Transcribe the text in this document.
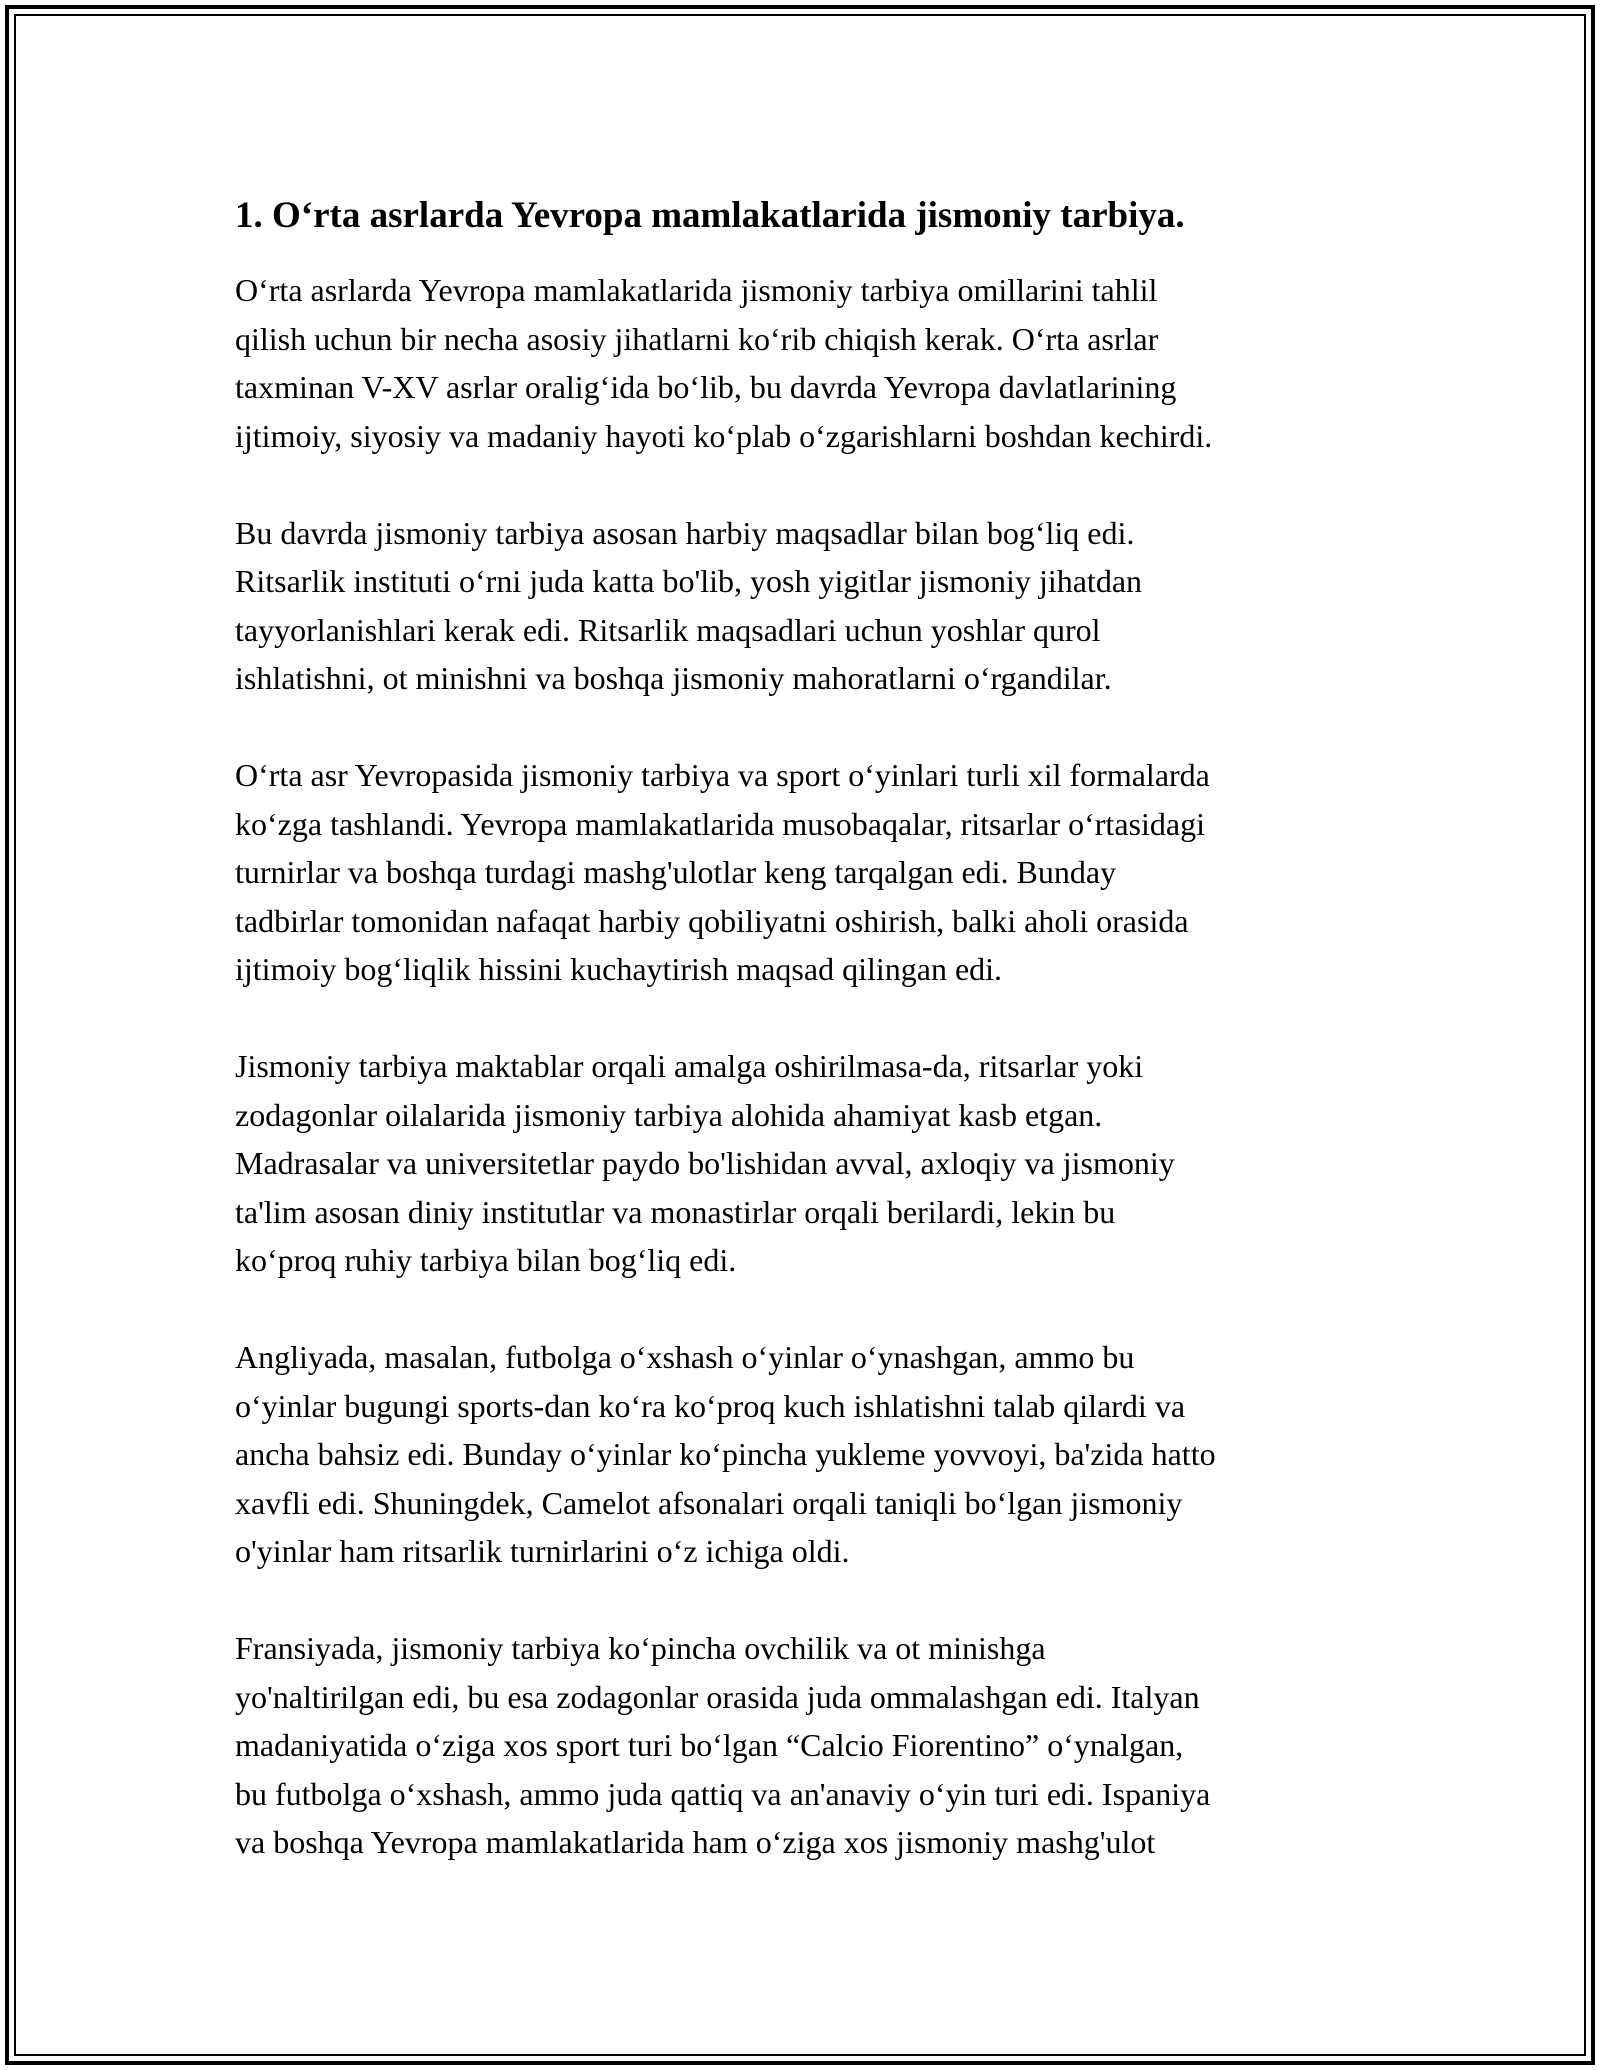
1. O‘rta asrlarda Yevropa mamlakatlarida jismoniy tarbiya.

O‘rta asrlarda Yevropa mamlakatlarida jismoniy tarbiya omillarini tahlil
qilish uchun bir necha asosiy jihatlarni ko‘rib chiqish kerak. O‘rta asrlar
taxminan V-XV asrlar oralig‘ida bo‘lib, bu davrda Yevropa davlatlarining
ijtimoiy, siyosiy va madaniy hayoti ko‘plab o‘zgarishlarni boshdan kechirdi.

Bu davrda jismoniy tarbiya asosan harbiy maqsadlar bilan bog‘liq edi.
Ritsarlik instituti o‘rni juda katta bo'lib, yosh yigitlar jismoniy jihatdan
tayyorlanishlari kerak edi. Ritsarlik maqsadlari uchun yoshlar qurol
ishlatishni, ot minishni va boshqa jismoniy mahoratlarni o‘rgandilar.

O‘rta asr Yevropasida jismoniy tarbiya va sport o‘yinlari turli xil formalarda
ko‘zga tashlandi. Yevropa mamlakatlarida musobaqalar, ritsarlar o‘rtasidagi
turnirlar va boshqa turdagi mashg'ulotlar keng tarqalgan edi. Bunday
tadbirlar tomonidan nafaqat harbiy qobiliyatni oshirish, balki aholi orasida
ijtimoiy bog‘liqlik hissini kuchaytirish maqsad qilingan edi.

Jismoniy tarbiya maktablar orqali amalga oshirilmasa-da, ritsarlar yoki
zodagonlar oilalarida jismoniy tarbiya alohida ahamiyat kasb etgan.
Madrasalar va universitetlar paydo bo'lishidan avval, axloqiy va jismoniy
ta'lim asosan diniy institutlar va monastirlar orqali berilardi, lekin bu
ko‘proq ruhiy tarbiya bilan bog‘liq edi.

Angliyada, masalan, futbolga o‘xshash o‘yinlar o‘ynashgan, ammo bu
o‘yinlar bugungi sports-dan ko‘ra ko‘proq kuch ishlatishni talab qilardi va
ancha bahsiz edi. Bunday o‘yinlar ko‘pincha yukleme yovvoyi, ba'zida hatto
xavfli edi. Shuningdek, Camelot afsonalari orqali taniqli bo‘lgan jismoniy
o'yinlar ham ritsarlik turnirlarini o‘z ichiga oldi.

Fransiyada, jismoniy tarbiya ko‘pincha ovchilik va ot minishga
yo'naltirilgan edi, bu esa zodagonlar orasida juda ommalashgan edi. Italyan
madaniyatida o‘ziga xos sport turi bo‘lgan “Calcio Fiorentino” o‘ynalgan,
bu futbolga o‘xshash, ammo juda qattiq va an'anaviy o‘yin turi edi. Ispaniya
va boshqa Yevropa mamlakatlarida ham o‘ziga xos jismoniy mashg'ulot
